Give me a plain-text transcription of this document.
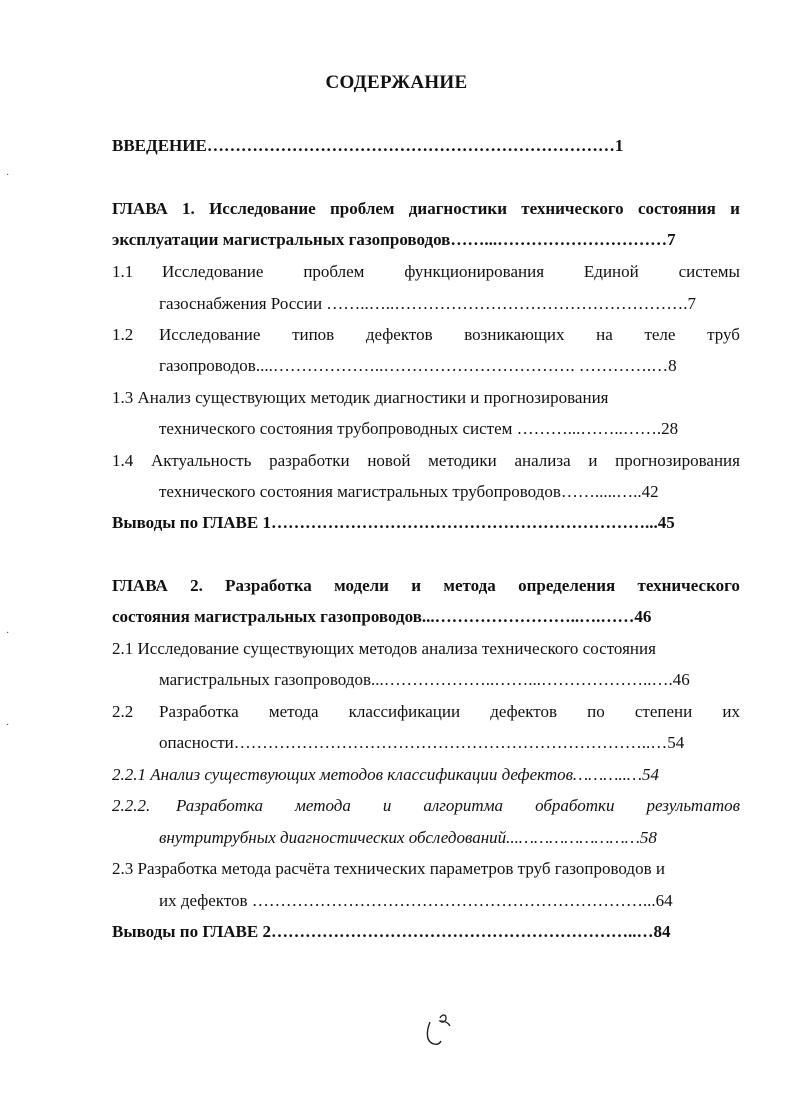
СОДЕРЖАНИЕ
ВВЕДЕНИЕ………………………………………………………………1
ГЛАВА 1. Исследование проблем диагностики технического состояния и
эксплуатации магистральных газопроводов……...…………………………7
1.1 Исследование проблем функционирования Единой системы
газоснабжения России ……..…..…………………………………………….7
1.2 Исследование типов дефектов возникающих на теле труб
газопроводов....………………..……………………………. ………….…8
1.3 Анализ существующих методик диагностики и прогнозирования
технического состояния трубопроводных систем ………...……..…….28
1.4 Актуальность разработки новой методики анализа и прогнозирования
технического состояния магистральных трубопроводов…….....…..42
Выводы по ГЛАВЕ 1…………………………………………………………...45
ГЛАВА 2. Разработка модели и метода определения технического
состояния магистральных газопроводов...……………………..….……46
2.1 Исследование существующих методов анализа технического состояния
магистральных газопроводов...………………..……...………………..….46
2.2 Разработка метода классификации дефектов по степени их
опасности………………………………………………………………..…54
2.2.1 Анализ существующих методов классификации дефектов………..…54
2.2.2. Разработка метода и алгоритма обработки результатов
внутритрубных диагностических обследований...……………………58
2.3 Разработка метода расчёта технических параметров труб газопроводов и
их дефектов ……………………………………………………………...64
Выводы по ГЛАВЕ 2………………………………………………………..…84
·
·
·
